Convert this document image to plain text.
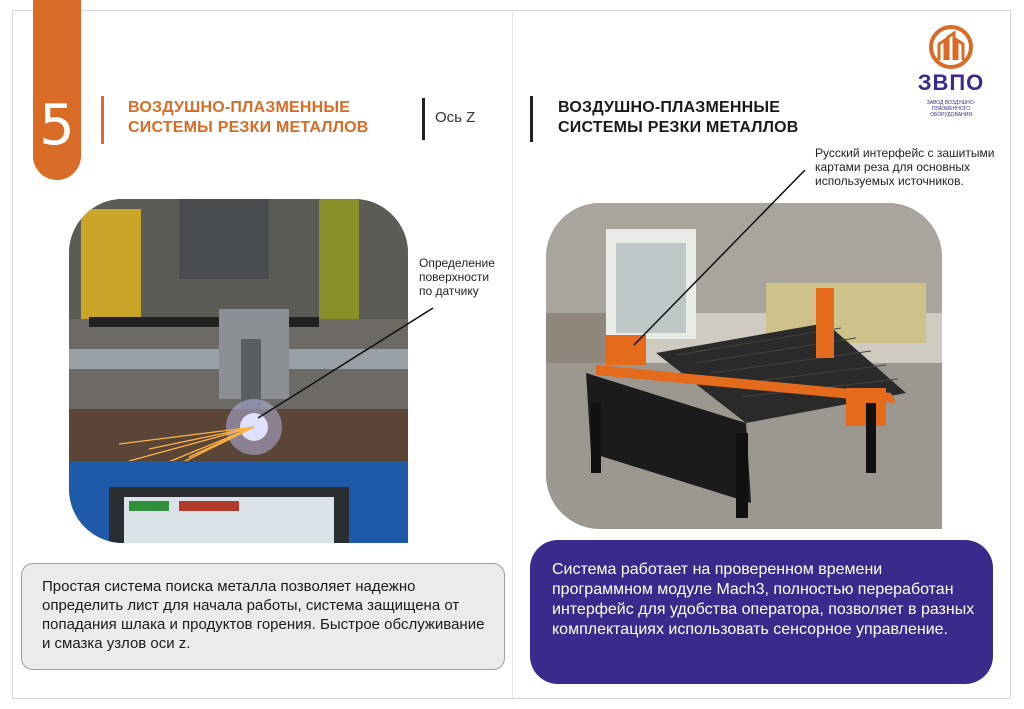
5	ВОЗДУШНО-ПЛАЗМЕННЫЕ
СИСТЕМЫ РЕЗКИ МЕТАЛЛОВ
Ось Z
ВОЗДУШНО-ПЛАЗМЕННЫЕ
СИСТЕМЫ РЕЗКИ МЕТАЛЛОВ
ЗВПО
ЗАВОД ВОЗДУШНО-ПЛАЗМЕННОГО
ОБОРУДОВАНИЯ
Определение
поверхности
по датчику
Русский интерфейс с зашитыми
картами реза для основных
используемых источников.
Простая система поиска металла позволяет надежно определить лист для начала работы, система защищена от попадания шлака и продуктов горения. Быстрое обслуживание и смазка узлов оси z.
Система работает на проверенном времени программном модуле Mach3, полностью переработан интерфейс для удобства оператора, позволяет в разных комплектациях использовать сенсорное управление.
